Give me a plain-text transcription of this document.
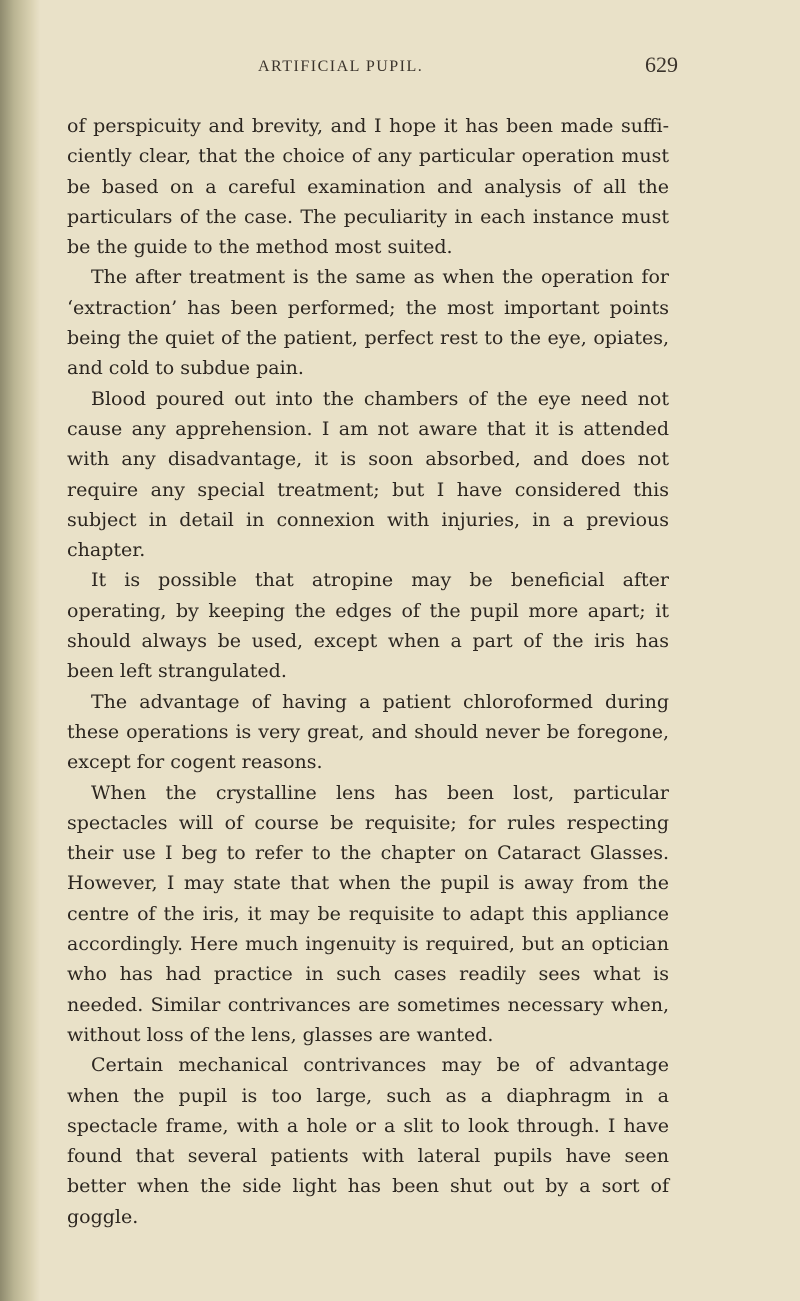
ARTIFICIAL PUPIL.	629

of perspicuity and brevity, and I hope it has been made sufficiently clear, that the choice of any particular operation must be based on a careful examination and analysis of all the particulars of the case. The peculiarity in each instance must be the guide to the method most suited.

The after treatment is the same as when the operation for ‘extraction’ has been performed; the most important points being the quiet of the patient, perfect rest to the eye, opiates, and cold to subdue pain.

Blood poured out into the chambers of the eye need not cause any apprehension. I am not aware that it is attended with any disadvantage, it is soon absorbed, and does not require any special treatment; but I have considered this subject in detail in connexion with injuries, in a previous chapter.

It is possible that atropine may be beneficial after operating, by keeping the edges of the pupil more apart; it should always be used, except when a part of the iris has been left strangulated.

The advantage of having a patient chloroformed during these operations is very great, and should never be foregone, except for cogent reasons.

When the crystalline lens has been lost, particular spectacles will of course be requisite; for rules respecting their use I beg to refer to the chapter on Cataract Glasses. However, I may state that when the pupil is away from the centre of the iris, it may be requisite to adapt this appliance accordingly. Here much ingenuity is required, but an optician who has had practice in such cases readily sees what is needed. Similar contrivances are sometimes necessary when, without loss of the lens, glasses are wanted.

Certain mechanical contrivances may be of advantage when the pupil is too large, such as a diaphragm in a spectacle frame, with a hole or a slit to look through. I have found that several patients with lateral pupils have seen better when the side light has been shut out by a sort of goggle.
